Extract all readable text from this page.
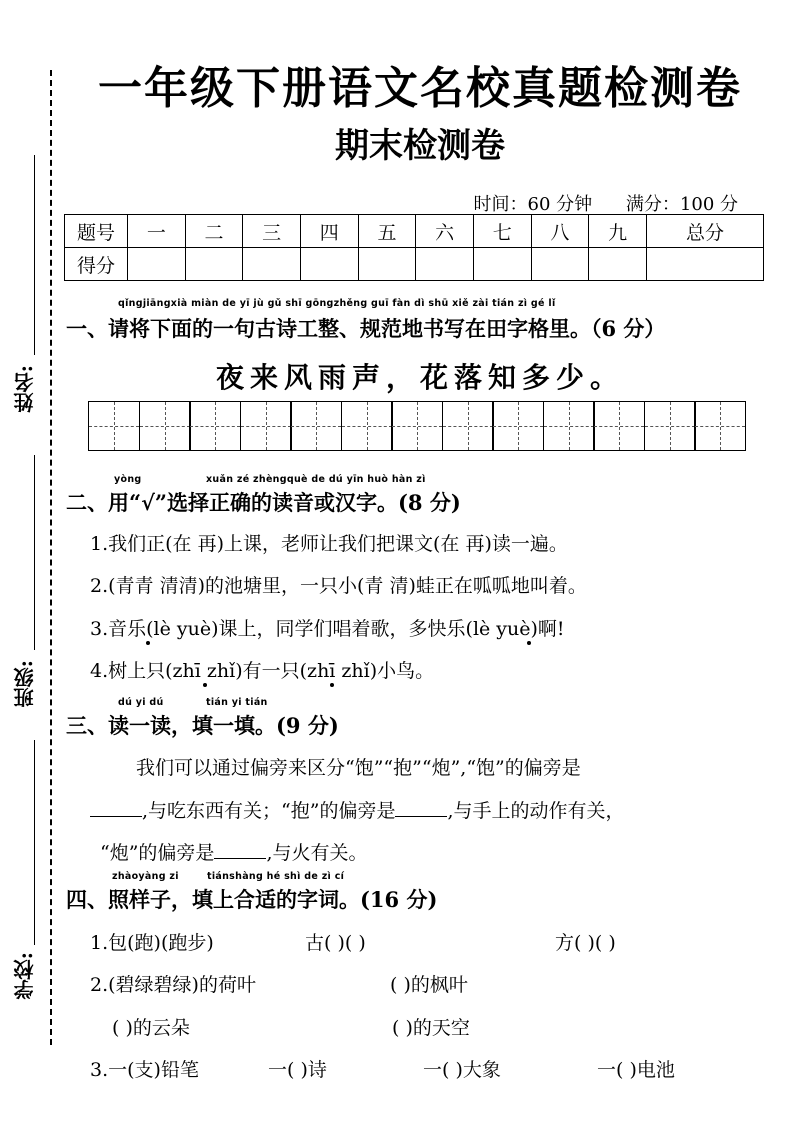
姓名:
班级:
学校:
一年级下册语文名校真题检测卷
期末检测卷
时间：60 分钟 满分：100 分
题号	一	二	三	四	五	六	七	八	九	总分
得分										
qǐngjiāngxià miàn de yī jù gǔ shī gōngzhěng guī fàn dì shū xiě zài tián zì gé lǐ
一、请将下面的一句古诗工整、规范地书写在田字格里。（6 分）
夜来风雨声，花落知多少。
yòng	xuǎn zé zhèngquè de dú yīn huò hàn zì
二、用“√”选择正确的读音或汉字。(8 分)
1.我们正(在 再)上课，老师让我们把课文(在 再)读一遍。
2.(青青 清清)的池塘里，一只小(青 清)蛙正在呱呱地叫着。
3.音乐(lè yuè)课上，同学们唱着歌，多快乐(lè yuè)啊!
4.树上只(zhī zhǐ)有一只(zhī zhǐ)小鸟。
dú yi dú	tián yi tián
三、读一读，填一填。(9 分)
我们可以通过偏旁来区分“饱”“抱”“炮”,“饱”的偏旁是
,与吃东西有关；“抱”的偏旁是	,与手上的动作有关，
“炮”的偏旁是	,与火有关。
zhàoyàng zi	tiánshàng hé shì de zì cí
四、照样子，填上合适的字词。(16 分)
1.包(跑)(跑步)	古( )( )	方( )( )
2.(碧绿碧绿)的荷叶	( )的枫叶
( )的云朵	( )的天空
3.一(支)铅笔	一( )诗	一( )大象	一( )电池
